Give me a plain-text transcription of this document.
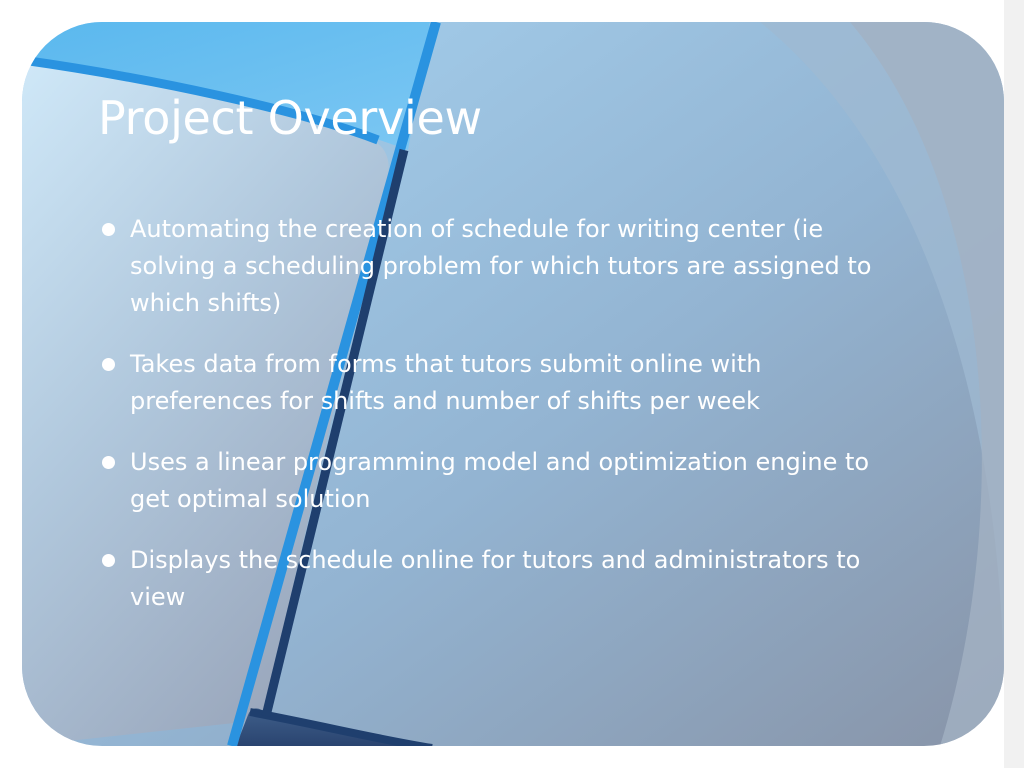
Project Overview
Automating the creation of schedule for writing center (ie solving a scheduling problem for which tutors are assigned to which shifts)
Takes data from forms that tutors submit online with preferences for shifts and number of shifts per week
Uses a linear programming model and optimization engine to get optimal solution
Displays the schedule online for tutors and administrators to view
